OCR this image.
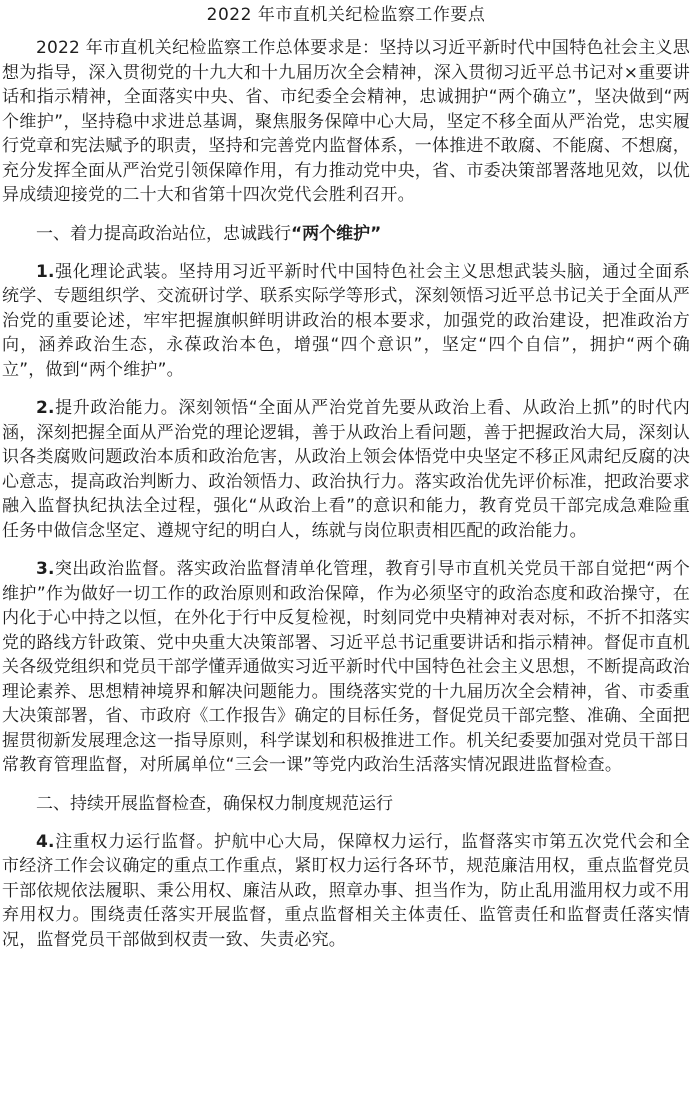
2022 年市直机关纪检监察工作要点

2022 年市直机关纪检监察工作总体要求是：坚持以习近平新时代中国特色社会主义思想为指导，深入贯彻党的十九大和十九届历次全会精神，深入贯彻习近平总书记对×重要讲话和指示精神，全面落实中央、省、市纪委全会精神，忠诚拥护“两个确立”，坚决做到“两个维护”，坚持稳中求进总基调，聚焦服务保障中心大局，坚定不移全面从严治党，忠实履行党章和宪法赋予的职责，坚持和完善党内监督体系，一体推进不敢腐、不能腐、不想腐，充分发挥全面从严治党引领保障作用，有力推动党中央，省、市委决策部署落地见效，以优异成绩迎接党的二十大和省第十四次党代会胜利召开。

一、着力提高政治站位，忠诚践行“两个维护”

1.强化理论武装。坚持用习近平新时代中国特色社会主义思想武装头脑，通过全面系统学、专题组织学、交流研讨学、联系实际学等形式，深刻领悟习近平总书记关于全面从严治党的重要论述，牢牢把握旗帜鲜明讲政治的根本要求，加强党的政治建设，把准政治方向，涵养政治生态，永葆政治本色，增强“四个意识”，坚定“四个自信”，拥护“两个确立”，做到“两个维护”。

2.提升政治能力。深刻领悟“全面从严治党首先要从政治上看、从政治上抓”的时代内涵，深刻把握全面从严治党的理论逻辑，善于从政治上看问题，善于把握政治大局，深刻认识各类腐败问题政治本质和政治危害，从政治上领会体悟党中央坚定不移正风肃纪反腐的决心意志，提高政治判断力、政治领悟力、政治执行力。落实政治优先评价标准，把政治要求融入监督执纪执法全过程，强化“从政治上看”的意识和能力，教育党员干部完成急难险重任务中做信念坚定、遵规守纪的明白人，练就与岗位职责相匹配的政治能力。

3.突出政治监督。落实政治监督清单化管理，教育引导市直机关党员干部自觉把“两个维护”作为做好一切工作的政治原则和政治保障，作为必须坚守的政治态度和政治操守，在内化于心中持之以恒，在外化于行中反复检视，时刻同党中央精神对表对标，不折不扣落实党的路线方针政策、党中央重大决策部署、习近平总书记重要讲话和指示精神。督促市直机关各级党组织和党员干部学懂弄通做实习近平新时代中国特色社会主义思想，不断提高政治理论素养、思想精神境界和解决问题能力。围绕落实党的十九届历次全会精神，省、市委重大决策部署，省、市政府《工作报告》确定的目标任务，督促党员干部完整、准确、全面把握贯彻新发展理念这一指导原则，科学谋划和积极推进工作。机关纪委要加强对党员干部日常教育管理监督，对所属单位“三会一课”等党内政治生活落实情况跟进监督检查。

二、持续开展监督检查，确保权力制度规范运行

4.注重权力运行监督。护航中心大局，保障权力运行，监督落实市第五次党代会和全市经济工作会议确定的重点工作重点，紧盯权力运行各环节，规范廉洁用权，重点监督党员干部依规依法履职、秉公用权、廉洁从政，照章办事、担当作为，防止乱用滥用权力或不用弃用权力。围绕责任落实开展监督，重点监督相关主体责任、监管责任和监督责任落实情况，监督党员干部做到权责一致、失责必究。
